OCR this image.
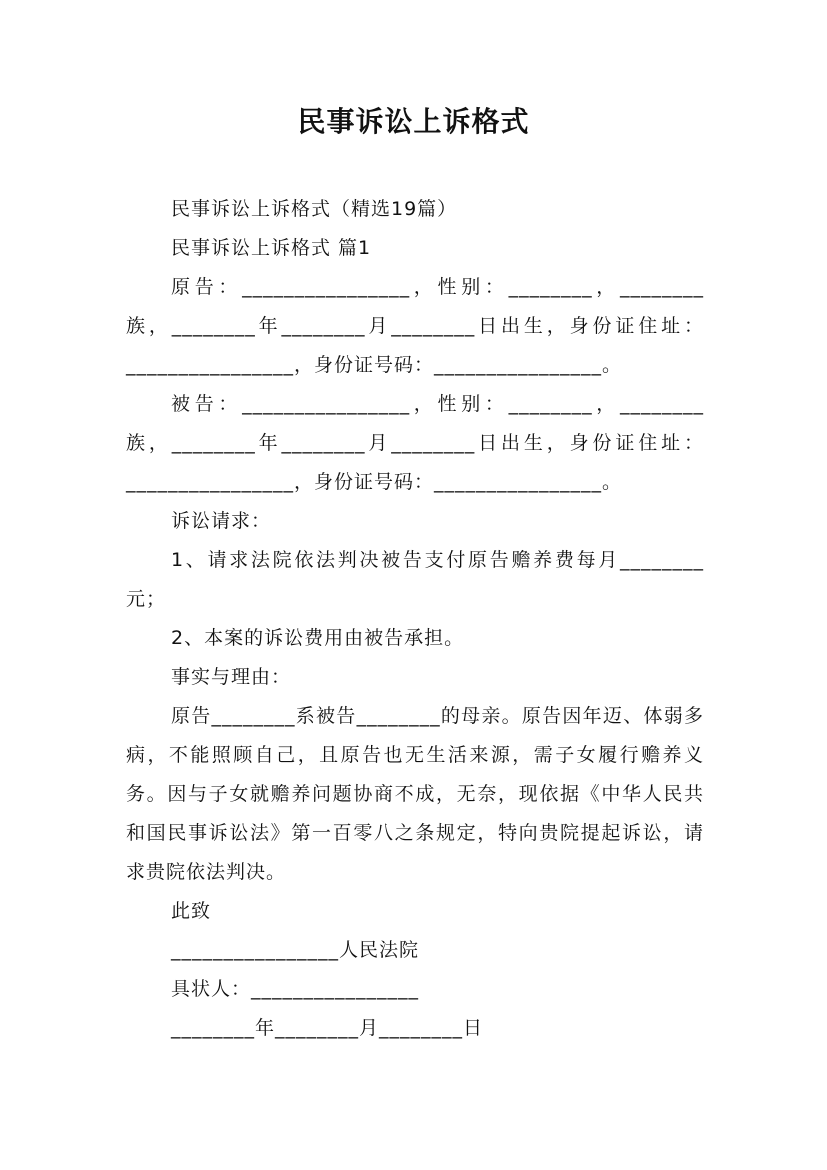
民事诉讼上诉格式

民事诉讼上诉格式（精选19篇）

民事诉讼上诉格式 篇1

原告：________________，性别：________，________族，________年________月________日出生，身份证住址：________________，身份证号码：________________。

被告：________________，性别：________，________族，________年________月________日出生，身份证住址：________________，身份证号码：________________。

诉讼请求：

1、请求法院依法判决被告支付原告赡养费每月________元；

2、本案的诉讼费用由被告承担。

事实与理由：

原告________系被告________的母亲。原告因年迈、体弱多病，不能照顾自己，且原告也无生活来源，需子女履行赡养义务。因与子女就赡养问题协商不成，无奈，现依据《中华人民共和国民事诉讼法》第一百零八之条规定，特向贵院提起诉讼，请求贵院依法判决。

此致

________________人民法院

具状人：________________

________年________月________日
